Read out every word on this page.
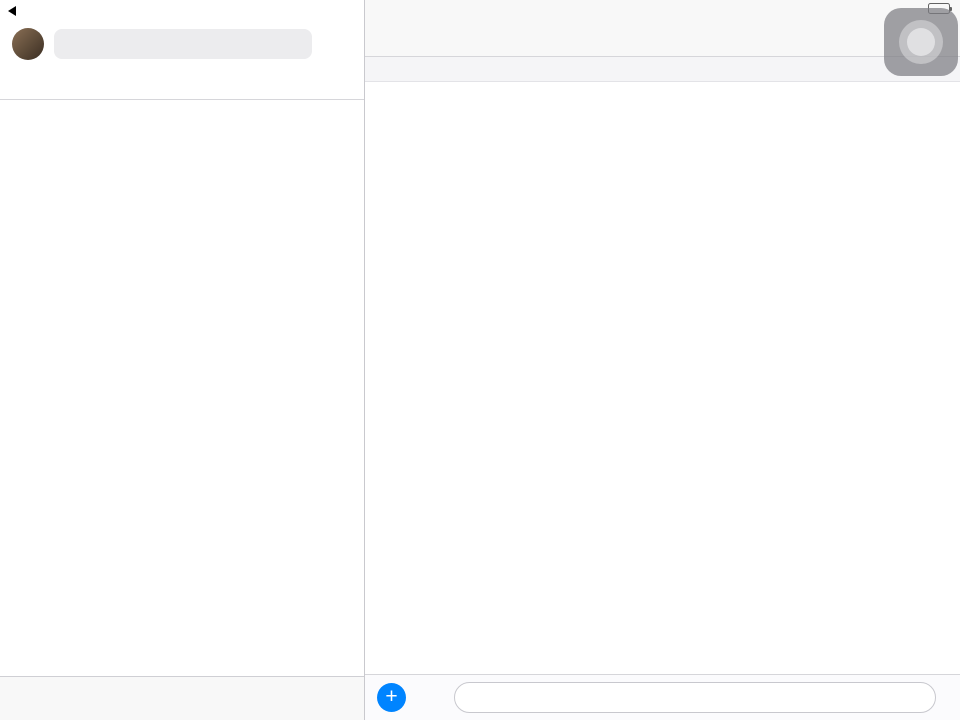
+
